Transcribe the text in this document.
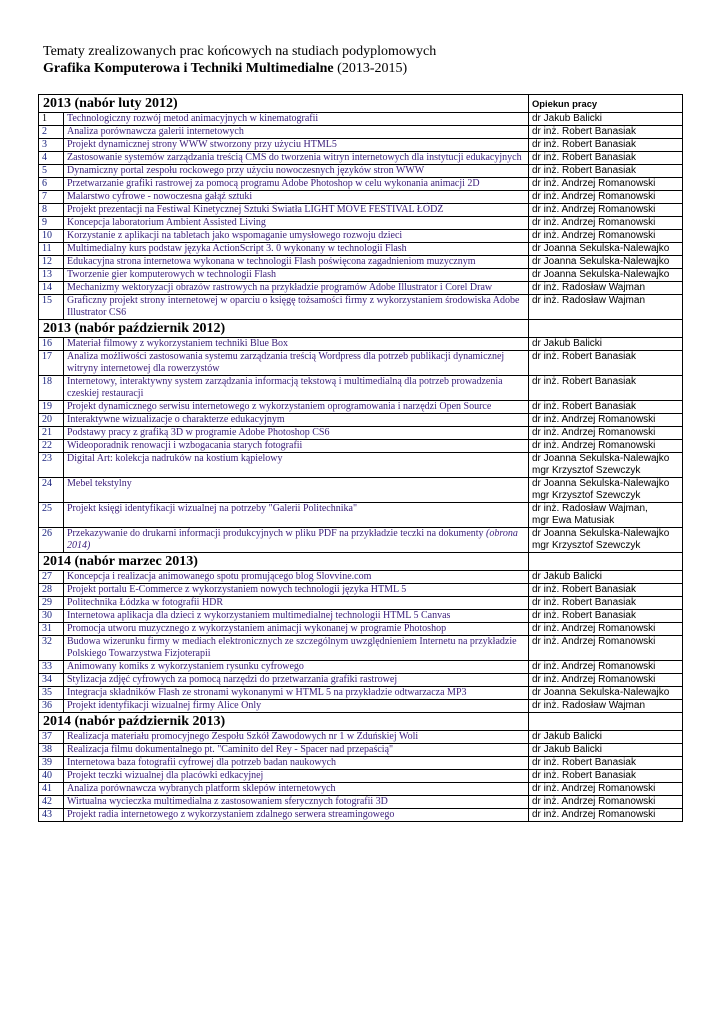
Tematy zrealizowanych prac końcowych na studiach podyplomowych
Grafika Komputerowa i Techniki Multimedialne (2013-2015)
2013 (nabór luty 2012)		Opiekun pracy
1	Technologiczny rozwój metod animacyjnych w kinematografii	dr Jakub Balicki

2	Analiza porównawcza galerii internetowych	dr inż. Robert Banasiak

3	Projekt dynamicznej strony WWW stworzony przy użyciu HTML5	dr inż. Robert Banasiak

4	Zastosowanie systemów zarządzania treścią CMS do tworzenia witryn internetowych dla instytucji edukacyjnych	dr inż. Robert Banasiak

5	Dynamiczny portal zespołu rockowego przy użyciu nowoczesnych języków stron WWW	dr inż. Robert Banasiak

6	Przetwarzanie grafiki rastrowej za pomocą programu Adobe Photoshop w celu wykonania animacji 2D	dr inż. Andrzej Romanowski

7	Malarstwo cyfrowe - nowoczesna gałąź sztuki	dr inż. Andrzej Romanowski

8	Projekt prezentacji na Festiwal Kinetycznej Sztuki Światła LIGHT MOVE FESTIVAL ŁÓDŹ	dr inż. Andrzej Romanowski

9	Koncepcja laboratorium Ambient Assisted Living	dr inż. Andrzej Romanowski

10	Korzystanie z aplikacji na tabletach jako wspomaganie umysłowego rozwoju dzieci	dr inż. Andrzej Romanowski

11	Multimedialny kurs podstaw języka ActionScript 3. 0 wykonany w technologii Flash	dr Joanna Sekulska-Nalewajko

12	Edukacyjna strona internetowa wykonana w technologii Flash poświęcona zagadnieniom muzycznym	dr Joanna Sekulska-Nalewajko

13	Tworzenie gier komputerowych w technologii Flash	dr Joanna Sekulska-Nalewajko

14	Mechanizmy wektoryzacji obrazów rastrowych na przykładzie programów Adobe Illustrator i Corel Draw	dr inż. Radosław Wajman

15	Graficzny projekt strony internetowej w oparciu o księgę tożsamości firmy z wykorzystaniem środowiska Adobe Illustrator CS6	dr inż. Radosław Wajman

2013 (nabór październik 2012)		
16	Materiał filmowy z wykorzystaniem techniki Blue Box	dr Jakub Balicki

17	Analiza możliwości zastosowania systemu zarządzania treścią Wordpress dla potrzeb publikacji dynamicznej witryny internetowej dla rowerzystów	dr inż. Robert Banasiak

18	Internetowy, interaktywny system zarządzania informacją tekstową i multimedialną dla potrzeb prowadzenia czeskiej restauracji	dr inż. Robert Banasiak

19	Projekt dynamicznego serwisu internetowego z wykorzystaniem oprogramowania i narzędzi Open Source	dr inż. Robert Banasiak

20	Interaktywne wizualizacje o charakterze edukacyjnym	dr inż. Andrzej Romanowski

21	Podstawy pracy z grafiką 3D w programie Adobe Photoshop CS6	dr inż. Andrzej Romanowski

22	Wideoporadnik renowacji i wzbogacania starych fotografii	dr inż. Andrzej Romanowski

23	Digital Art: kolekcja nadruków na kostium kąpielowy	dr Joanna Sekulska-Nalewajko
mgr Krzysztof Szewczyk

24	Mebel tekstylny	dr Joanna Sekulska-Nalewajko
mgr Krzysztof Szewczyk

25	Projekt księgi identyfikacji wizualnej na potrzeby "Galerii Politechnika"	dr inż. Radosław Wajman,
mgr Ewa Matusiak

26	Przekazywanie do drukarni informacji produkcyjnych w pliku PDF na przykładzie teczki na dokumenty (obrona 2014)	dr Joanna Sekulska-Nalewajko
mgr Krzysztof Szewczyk

2014 (nabór marzec 2013)		
27	Koncepcja i realizacja animowanego spotu promującego blog Slovvine.com	dr Jakub Balicki

28	Projekt portalu E-Commerce z wykorzystaniem nowych technologii języka HTML 5	dr inż. Robert Banasiak

29	Politechnika Łódzka w fotografii HDR	dr inż. Robert Banasiak

30	Internetowa aplikacja dla dzieci z wykorzystaniem multimedialnej technologii HTML 5 Canvas	dr inż. Robert Banasiak

31	Promocja utworu muzycznego z wykorzystaniem animacji wykonanej w programie Photoshop	dr inż. Andrzej Romanowski

32	Budowa wizerunku firmy w mediach elektronicznych ze szczególnym uwzględnieniem Internetu na przykładzie Polskiego Towarzystwa Fizjoterapii	dr inż. Andrzej Romanowski

33	Animowany komiks z wykorzystaniem rysunku cyfrowego	dr inż. Andrzej Romanowski

34	Stylizacja zdjęć cyfrowych za pomocą narzędzi do przetwarzania grafiki rastrowej	dr inż. Andrzej Romanowski

35	Integracja składników Flash ze stronami wykonanymi w HTML 5 na przykładzie odtwarzacza MP3	dr Joanna Sekulska-Nalewajko

36	Projekt identyfikacji wizualnej firmy Alice Only	dr inż. Radosław Wajman

2014 (nabór październik 2013)		
37	Realizacja materiału promocyjnego Zespołu Szkół Zawodowych nr 1 w Zduńskiej Woli	dr Jakub Balicki

38	Realizacja filmu dokumentalnego pt. "Caminito del Rey - Spacer nad przepaścią"	dr Jakub Balicki

39	Internetowa baza fotografii cyfrowej dla potrzeb badan naukowych	dr inż. Robert Banasiak

40	Projekt teczki wizualnej dla placówki edkacyjnej	dr inż. Robert Banasiak

41	Analiza porównawcza wybranych platform sklepów internetowych	dr inż. Andrzej Romanowski

42	Wirtualna wycieczka multimedialna z zastosowaniem sferycznych fotografii 3D	dr inż. Andrzej Romanowski

43	Projekt radia internetowego z wykorzystaniem zdalnego serwera streamingowego	dr inż. Andrzej Romanowski
